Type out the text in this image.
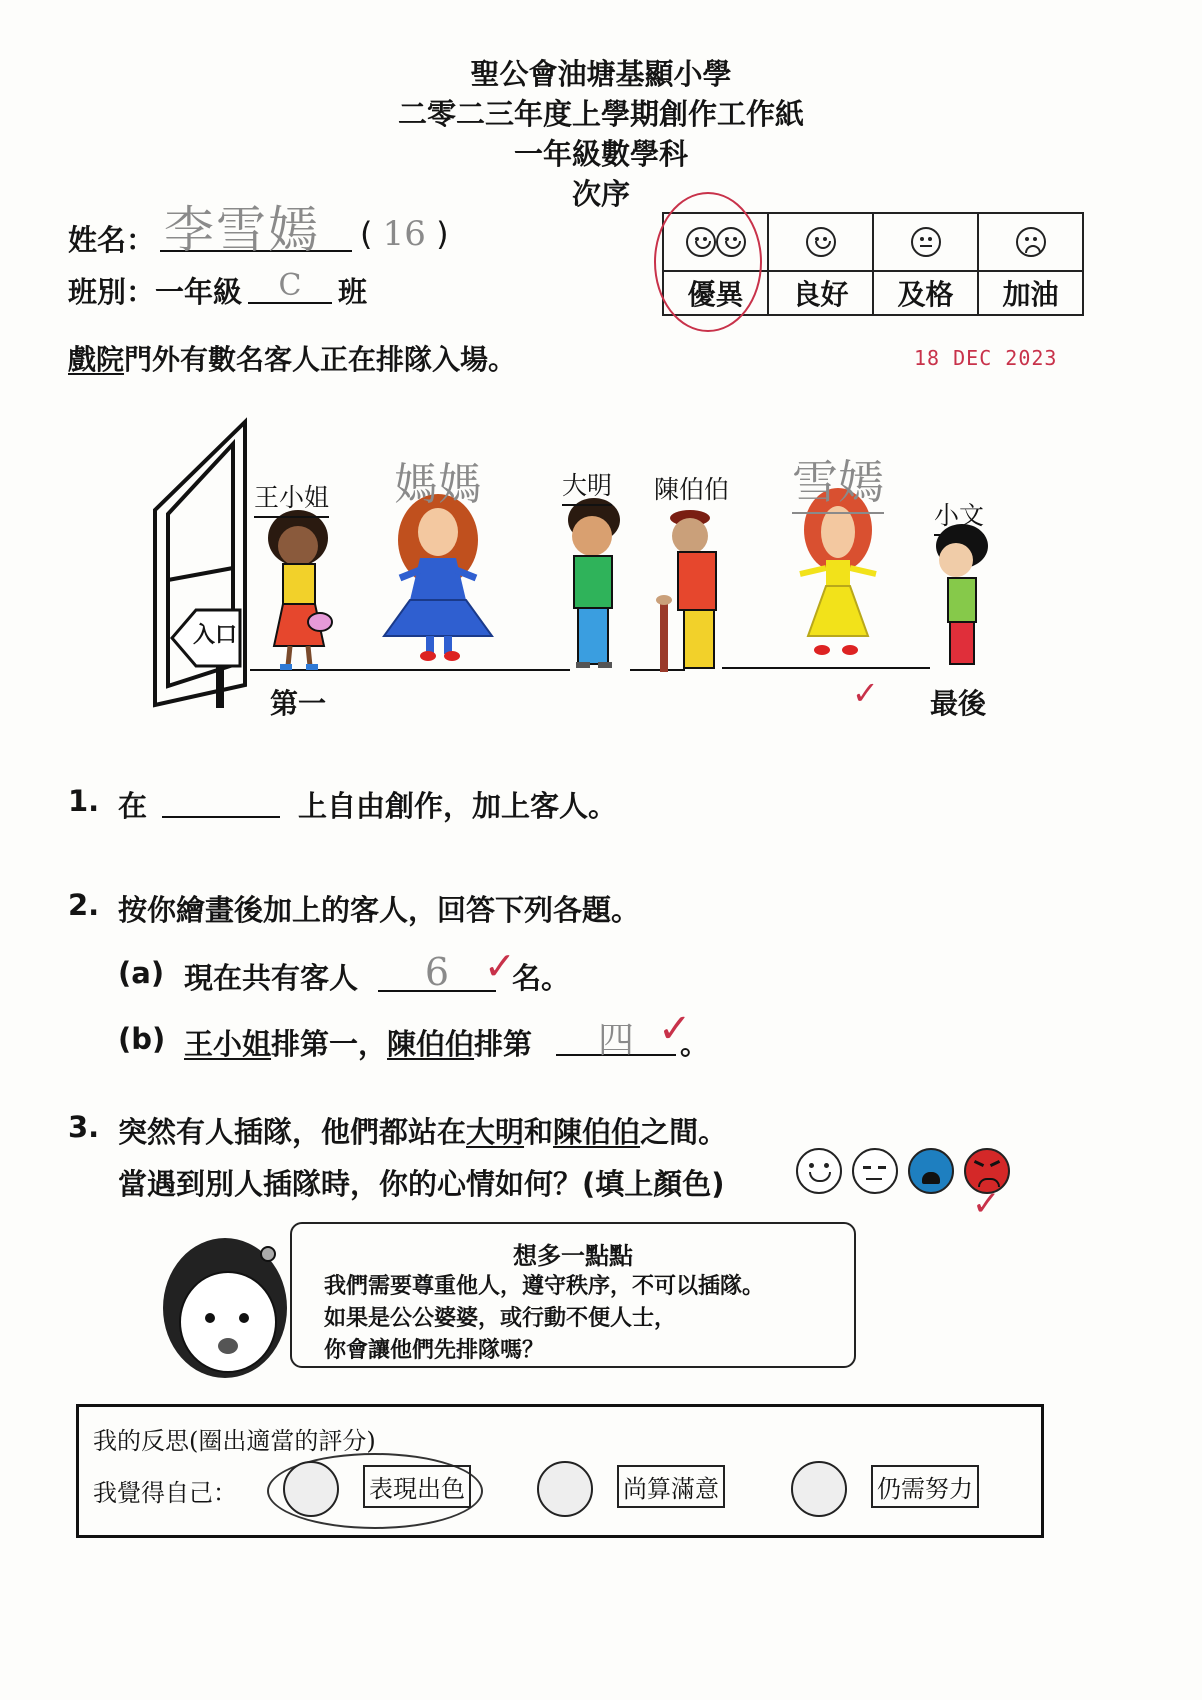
聖公會油塘基顯小學
二零二三年度上學期創作工作紙
一年級數學科
次序
姓名： 李雪嫣 ( 16 )
班別：一年級	C	班

		優異	良好	及格	加油
18 DEC 2023
戲院門外有數名客人正在排隊入場。
入口
王小姐 媽媽	大明 陳伯伯 雪嫣
小文
第一	最後
✓
1. 在	上自由創作，加上客人。
2. 按你繪畫後加上的客人，回答下列各題。
(a) 現在共有客人	6 ✓
名。
(b) 王小姐排第一，陳伯伯排第	四 ✓
。
3. 突然有人插隊，他們都站在大明和陳伯伯之間。
當遇到別人插隊時，你的心情如何？(填上顏色)	✓
想多一點點
我們需要尊重他人，遵守秩序，不可以插隊。
如果是公公婆婆，或行動不便人士，
你會讓他們先排隊嗎？
我的反思(圈出適當的評分)
我覺得自己：	表現出色	尚算滿意	仍需努力
